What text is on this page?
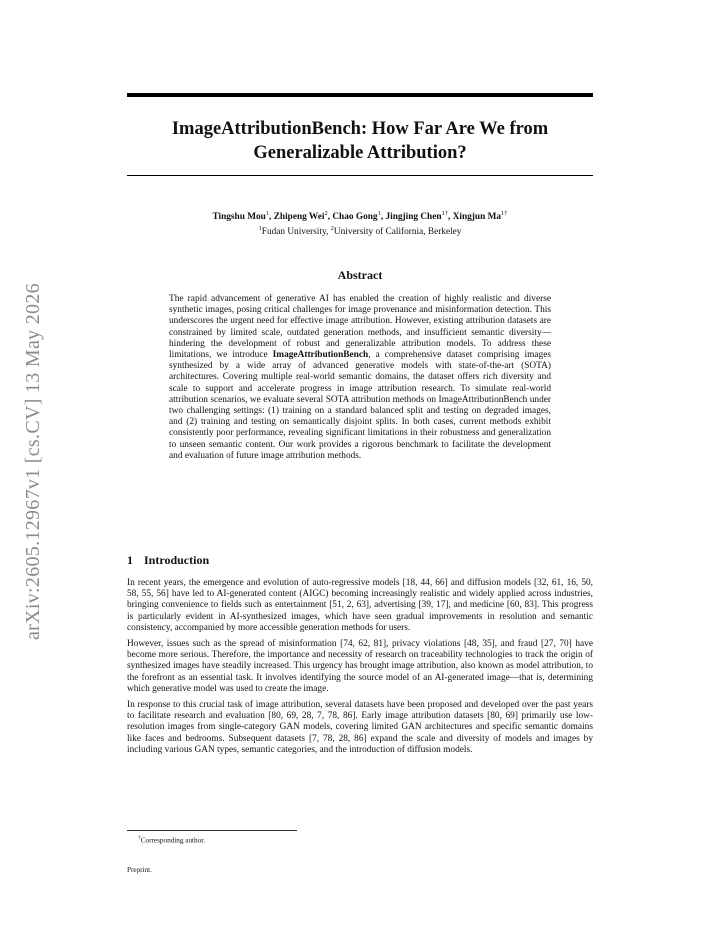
arXiv:2605.12967v1 [cs.CV] 13 May 2026
ImageAttributionBench: How Far Are We from Generalizable Attribution?
Tingshu Mou$^1$, Zhipeng Wei$^2$, Chao Gong$^1$, Jingjing Chen$^{1\dagger}$, Xingjun $Ma^{1\dagger}$
$^1$Fudan University, $^2$University of California, Berkeley
Abstract

The rapid advancement of generative AI has enabled the creation of highly realistic and diverse synthetic images, posing critical challenges for image provenance and misinformation detection. This underscores the urgent need for effective image attribution. However, existing attribution datasets are constrained by limited scale, outdated generation methods, and insufficient semantic diversity—hindering the development of robust and generalizable attribution models. To address these limitations, we introduce ImageAttributionBench, a comprehensive dataset comprising images synthesized by a wide array of advanced generative models with state-of-the-art (SOTA) architectures. Covering multiple real-world semantic domains, the dataset offers rich diversity and scale to support and accelerate progress in image attribution research. To simulate real-world attribution scenarios, we evaluate several SOTA attribution methods on ImageAttributionBench under two challenging settings: (1) training on a standard balanced split and testing on degraded images, and (2) training and testing on semantically disjoint splits. In both cases, current methods exhibit consistently poor performance, revealing significant limitations in their robustness and generalization to unseen semantic content. Our work provides a rigorous benchmark to facilitate the development and evaluation of future image attribution methods.

1 Introduction

In recent years, the emergence and evolution of auto-regressive models [18, 44, 66] and diffusion models [32, 61, 16, 50, 58, 55, 56] have led to AI-generated content (AIGC) becoming increasingly realistic and widely applied across industries, bringing convenience to fields such as entertainment [51, 2, 63], advertising [39, 17], and medicine [60, 83]. This progress is particularly evident in AI-synthesized images, which have seen gradual improvements in resolution and semantic consistency, accompanied by more accessible generation methods for users.

However, issues such as the spread of misinformation [74, 62, 81], privacy violations [48, 35], and fraud [27, 70] have become more serious. Therefore, the importance and necessity of research on traceability technologies to track the origin of synthesized images have steadily increased. This urgency has brought image attribution, also known as model attribution, to the forefront as an essential task. It involves identifying the source model of an AI-generated image—that is, determining which generative model was used to create the image.

In response to this crucial task of image attribution, several datasets have been proposed and developed over the past years to facilitate research and evaluation [80, 69, 28, 7, 78, 86]. Early image attribution datasets [80, 69] primarily use low-resolution images from single-category GAN models, covering limited GAN architectures and specific semantic domains like faces and bedrooms. Subsequent datasets [7, 78, 28, 86] expand the scale and diversity of models and images by including various GAN types, semantic categories, and the introduction of diffusion models.

†Corresponding author.
Preprint.
